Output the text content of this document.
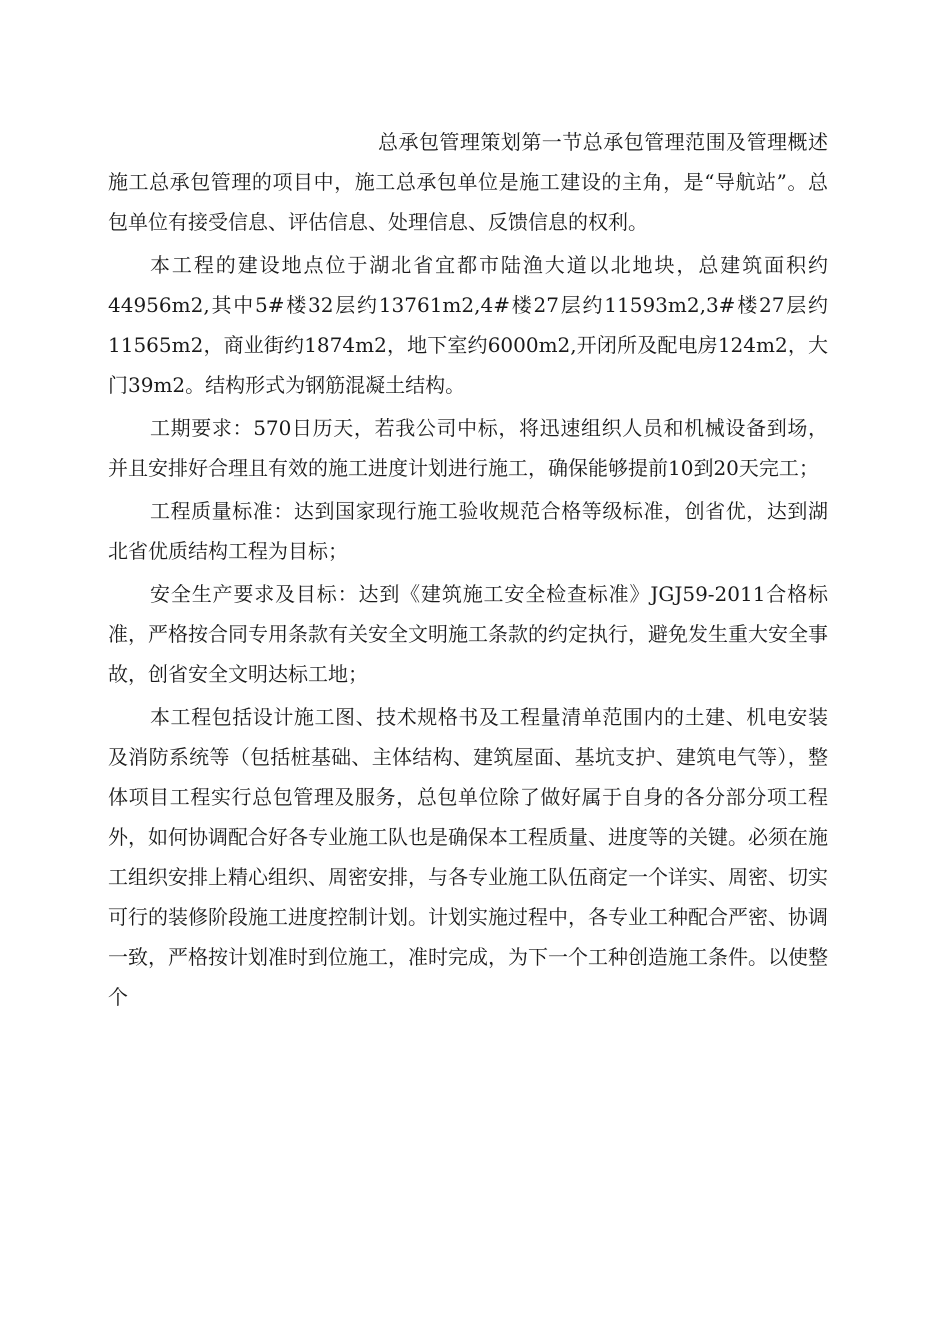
总承包管理策划第一节总承包管理范围及管理概述施工总承包管理的项目中，施工总承包单位是施工建设的主角，是“导航站”。总包单位有接受信息、评估信息、处理信息、反馈信息的权利。

本工程的建设地点位于湖北省宜都市陆渔大道以北地块，总建筑面积约44956m2,其中5#楼32层约13761m2,4#楼27层约11593m2,3#楼27层约11565m2，商业街约1874m2，地下室约6000m2,开闭所及配电房124m2，大门39m2。结构形式为钢筋混凝土结构。

工期要求：570日历天，若我公司中标，将迅速组织人员和机械设备到场，并且安排好合理且有效的施工进度计划进行施工，确保能够提前10到20天完工；

工程质量标准：达到国家现行施工验收规范合格等级标准，创省优，达到湖北省优质结构工程为目标；

安全生产要求及目标：达到《建筑施工安全检查标准》JGJ59-2011合格标准，严格按合同专用条款有关安全文明施工条款的约定执行，避免发生重大安全事故，创省安全文明达标工地；

本工程包括设计施工图、技术规格书及工程量清单范围内的土建、机电安装及消防系统等（包括桩基础、主体结构、建筑屋面、基坑支护、建筑电气等），整体项目工程实行总包管理及服务，总包单位除了做好属于自身的各分部分项工程外，如何协调配合好各专业施工队也是确保本工程质量、进度等的关键。必须在施工组织安排上精心组织、周密安排，与各专业施工队伍商定一个详实、周密、切实可行的装修阶段施工进度控制计划。计划实施过程中，各专业工种配合严密、协调一致，严格按计划准时到位施工，准时完成，为下一个工种创造施工条件。以使整个
